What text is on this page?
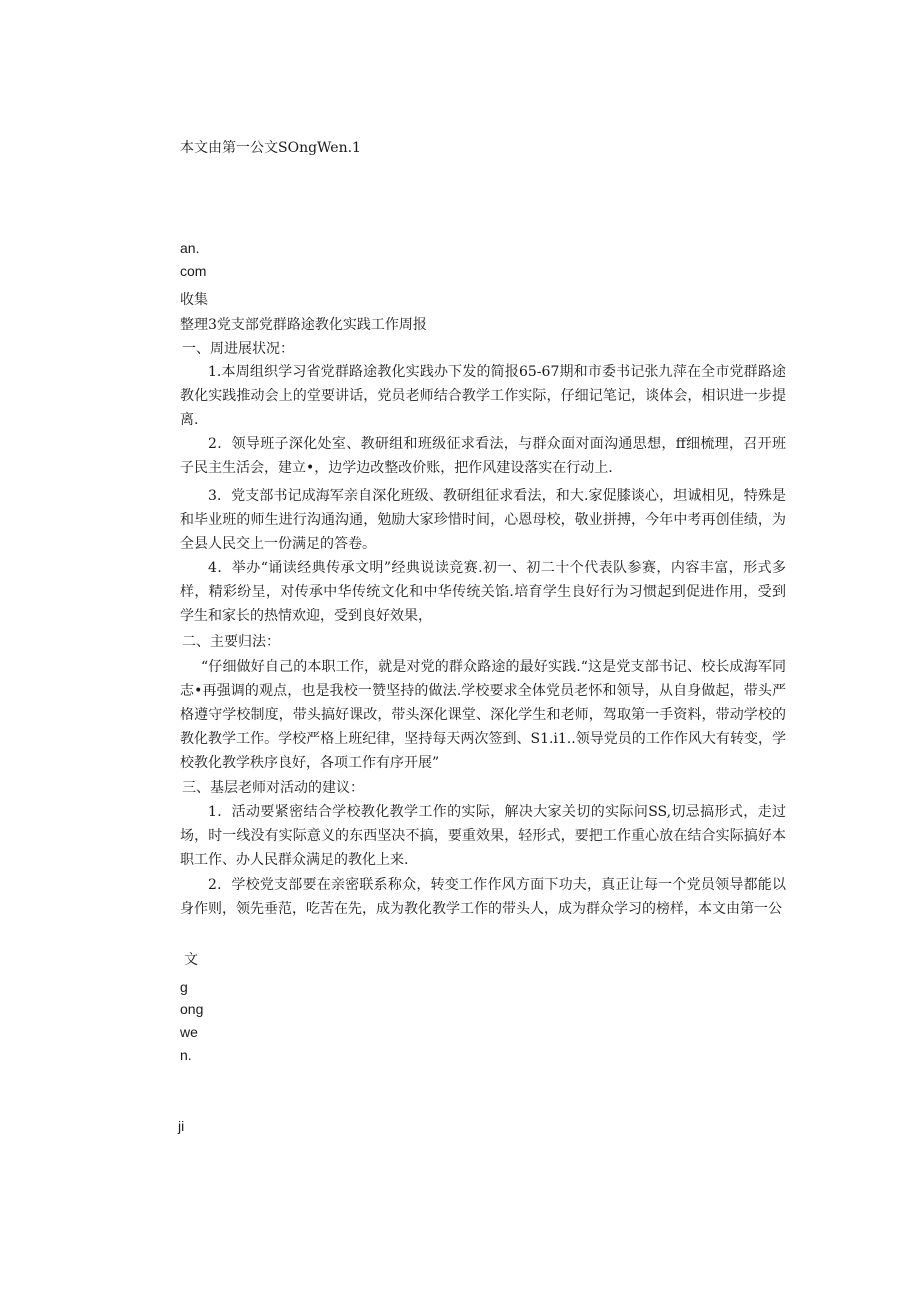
本文由第一公文SOngWen.1
an.
com
收集
整理3党支部党群路途教化实践工作周报
一、周进展状况：
1.本周组织学习省党群路途教化实践办下发的简报65-67期和市委书记张九萍在全市党群路途教化实践推动会上的堂要讲话，党员老师结合教学工作实际，仔细记笔记，谈体会，相识进一步提离.
2．领导班子深化处室、教研组和班级征求看法，与群众面对面沟通思想，ff细梳理，召开班子民主生活会，建立•，边学边改整改价账，把作风建设落实在行动上.
3．党支部书记成海军亲自深化班级、教研组征求看法，和大.家促膝谈心，坦诚相见，特殊是和毕业班的师生进行沟通沟通，勉励大家珍惜时间，心恩母校，敬业拼搏，今年中考再创佳绩，为全县人民交上一份满足的答卷。
4．举办“诵读经典传承文明”经典说读竞赛.初一、初二十个代表队参赛，内容丰富，形式多样，精彩纷呈，对传承中华传统文化和中华传统关馅.培育学生良好行为习惯起到促进作用，受到学生和家长的热情欢迎，受到良好效果，
二、主要归法：
“仔细做好自己的本职工作，就是对党的群众路途的最好实践.“这是党支部书记、校长成海军同志•再强调的观点，也是我校一赞坚持的做法.学校要求全体党员老怀和领导，从自身做起，带头严格遵守学校制度，带头搞好课改，带头深化课堂、深化学生和老师，驾取第一手资料，带动学校的教化教学工作。学校严格上班纪律，坚持每天两次签到、S1.i1..领导党员的工作作风大有转变，学校教化教学秩序良好，各项工作有序开展”
三、基层老师对活动的建议：
1．活动要紧密结合学校教化教学工作的实际，解决大家关切的实际问SS,切忌搞形式，走过场，时一线没有实际意义的东西坚决不搞，要重效果，轻形式，要把工作重心放在结合实际搞好本职工作、办人民群众满足的教化上来.
2．学校党支部要在亲密联系称众，转变工作作风方面下功夫，真正让每一个党员领导都能以身作则，领先垂范，吃苦在先，成为教化教学工作的带头人，成为群众学习的榜样，本文由第一公
文
g
ong
we
n.
ji
